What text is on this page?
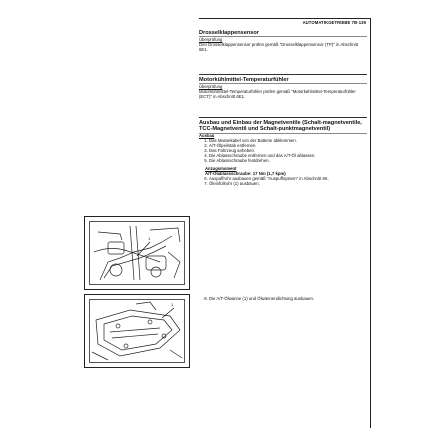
AUTOMATIKGETRIEBE 7B-139
Drosselklappensensor
Überprüfung
Den Drosselklappensensor prüfen gemäß "Drosselklappensensor (TP)" in Abschnitt 6E1.
Motorkühlmittel-Temperaturfühler
Überprüfung
Motorkühlmittel-Temperaturfühler prüfen gemäß "Motorkühlmittel-Temperaturfühler (ECT)" in Abschnitt 6E1.
Ausbau und Einbau der Magnetventile (Schalt-magnetventile, TCC-Magnetventil und Schalt-punktmagnetventil)
Ausbau
1. Das Massekabel von der Batterie abklemmen.
2. A/T-Ölpeilstab entfernen.
3. Das Fahrzeug anheben.
4. Die Ablassschraube entfernen und das A/T-Öl ablassen.
5. Die Ablassschraube festdrehen.
Anzugsmoment
A/T-Ölablassschraube: 17 Nm (1,7 kpm)
6. Auspuffrohr ausbauen gemäß "Auspuffsystem" in Abschnitt 6K.
7. Öleinfüllrohr (1) ausbauen.
8. Die A/T-Ölwanne (1) und Ölwannendichtung ausbauen.
1
1
